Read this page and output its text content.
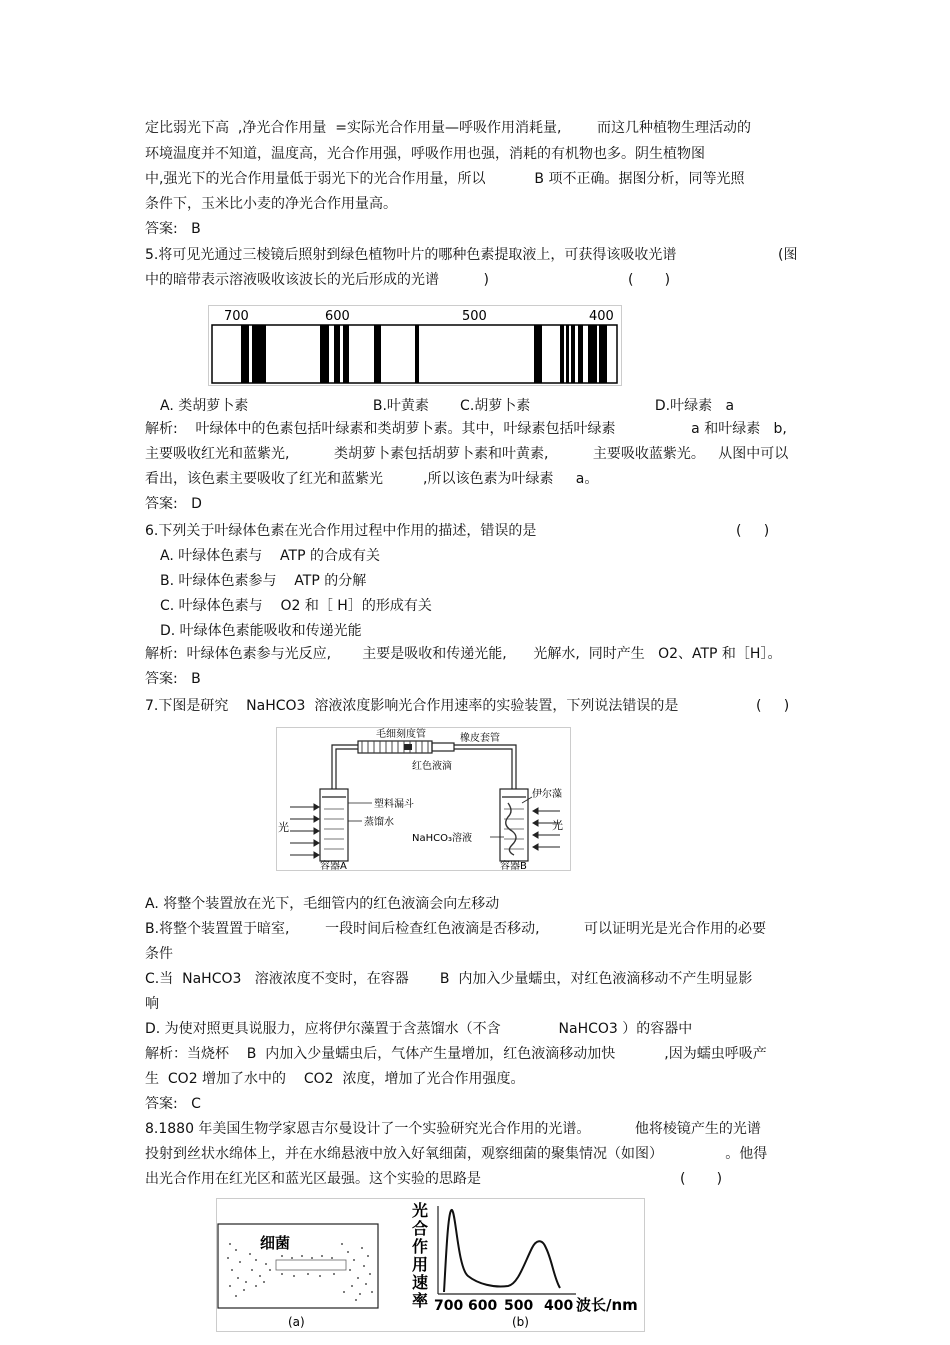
定比弱光下高  ,净光合作用量  =实际光合作用量—呼吸作用消耗量,        而这几种植物生理活动的
环境温度并不知道，温度高，光合作用强，呼吸作用也强，消耗的有机物也多。阴生植物图
中,强光下的光合作用量低于弱光下的光合作用量，所以           B 项不正确。据图分析，同等光照
条件下，玉米比小麦的净光合作用量高。
答案:   B
5.将可见光通过三棱镜后照射到绿色植物叶片的哪种色素提取液上，可获得该吸收光谱	(图
中的暗带表示溶液吸收该波长的光后形成的光谱          )	(       )
700	600	500	400
A. 类胡萝卜素                            B.叶黄素       C.胡萝卜素                            D.叶绿素   a
解析:    叶绿体中的色素包括叶绿素和类胡萝卜素。其中，叶绿素包括叶绿素                 a 和叶绿素   b,
主要吸收红光和蓝紫光,          类胡萝卜素包括胡萝卜素和叶黄素,          主要吸收蓝紫光。   从图中可以
看出，该色素主要吸收了红光和蓝紫光         ,所以该色素为叶绿素     a。
答案:   D
6.下列关于叶绿体色素在光合作用过程中作用的描述，错误的是	(     )
A. 叶绿体色素与    ATP 的合成有关
B. 叶绿体色素参与    ATP 的分解
C. 叶绿体色素与    O2 和［ H］的形成有关
D. 叶绿体色素能吸收和传递光能
解析:  叶绿体色素参与光反应,       主要是吸收和传递光能,      光解水,  同时产生   O2、ATP 和［H］。
答案:   B
7.下图是研究    NaHCO3  溶液浓度影响光合作用速率的实验装置，下列说法错误的是	(     )
毛细刻度管	橡皮套管
红色液滴
塑料漏斗
伊尔藻
蒸馏水
NaHCO₃溶液
光	光
容器A	容器B
A. 将整个装置放在光下，毛细管内的红色液滴会向左移动
B.将整个装置置于暗室,        一段时间后检查红色液滴是否移动,          可以证明光是光合作用的必要
条件
C.当  NaHCO3   溶液浓度不变时，在容器       B  内加入少量蠕虫，对红色液滴移动不产生明显影
响
D. 为使对照更具说服力，应将伊尔藻置于含蒸馏水（不含             NaHCO3 ）的容器中
解析：当烧杯    B  内加入少量蠕虫后，气体产生量增加，红色液滴移动加快           ,因为蠕虫呼吸产
生  CO2 增加了水中的    CO2  浓度，增加了光合作用强度。
答案:   C
8.1880 年美国生物学家恩吉尔曼设计了一个实验研究光合作用的光谱。          他将棱镜产生的光谱
投射到丝状水绵体上，并在水绵悬液中放入好氧细菌，观察细菌的聚集情况（如图）              。他得
出光合作用在红光区和蓝光区最强。这个实验的思路是	(       )
细菌
(a)
光
合
作
用
速
率 700 600 500 400 波长/nm
(b)
